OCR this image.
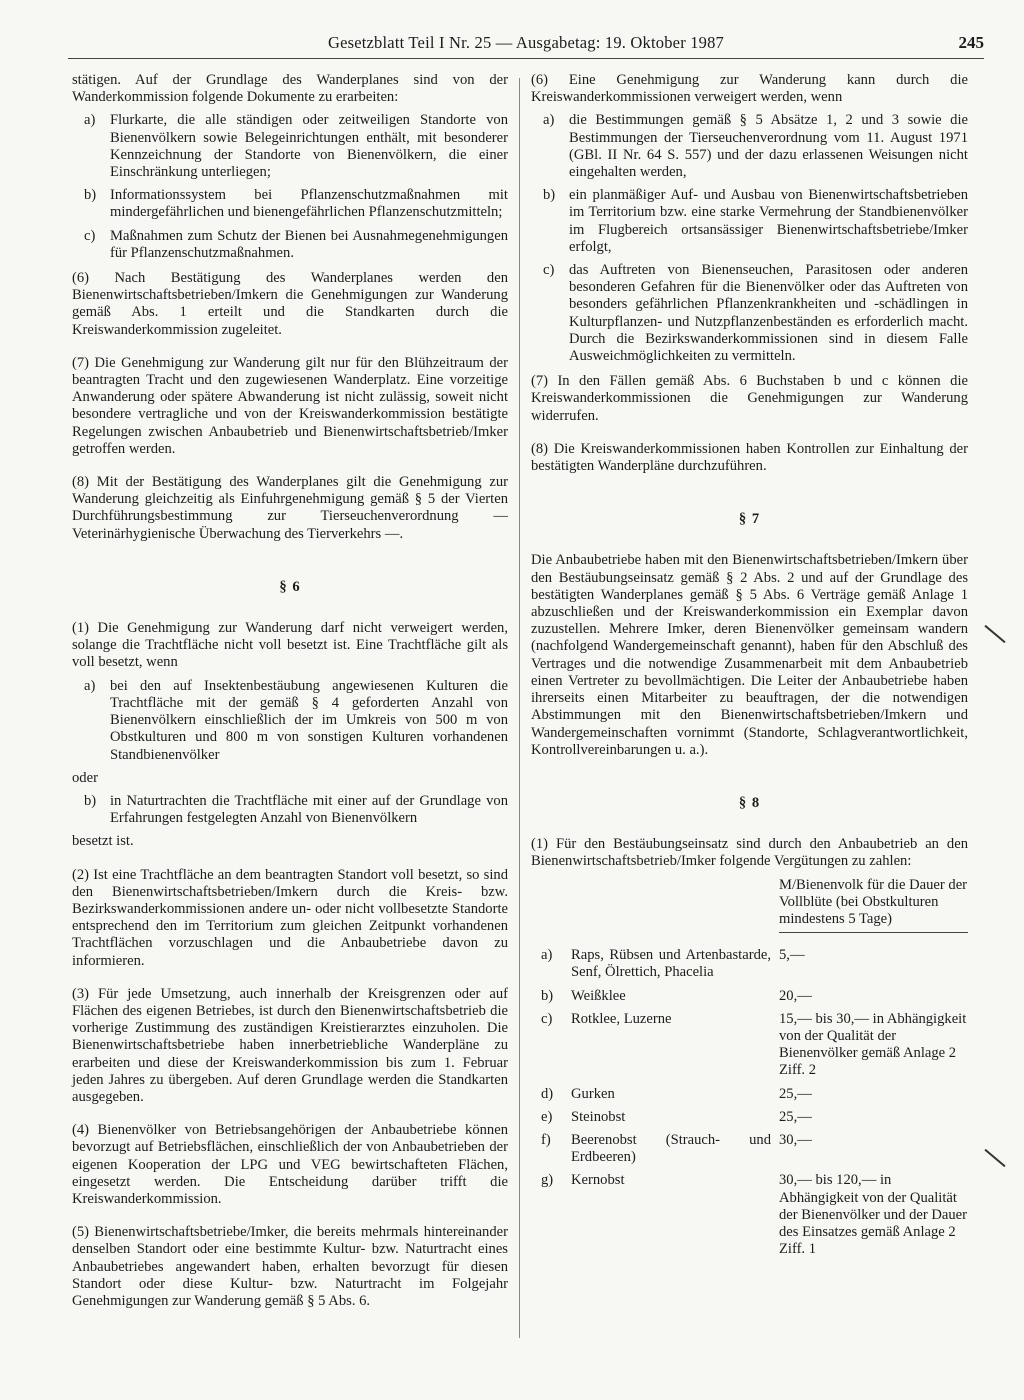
Gesetzblatt Teil I Nr. 25 — Ausgabetag: 19. Oktober 1987	245

stätigen. Auf der Grundlage des Wanderplanes sind von der Wanderkommission folgende Dokumente zu erarbeiten:

a)	Flurkarte, die alle ständigen oder zeitweiligen Standorte von Bienenvölkern sowie Belegeinrichtungen enthält, mit besonderer Kennzeichnung der Standorte von Bienenvölkern, die einer Einschränkung unterliegen;
b) Informationssystem bei Pflanzenschutzmaßnahmen mit mindergefährlichen und bienengefährlichen Pflanzenschutzmitteln;
c)	Maßnahmen zum Schutz der Bienen bei Ausnahmegenehmigungen für Pflanzenschutzmaßnahmen.

(6) Nach Bestätigung des Wanderplanes werden den Bienenwirtschaftsbetrieben/Imkern die Genehmigungen zur Wanderung gemäß Abs. 1 erteilt und die Standkarten durch die Kreiswanderkommission zugeleitet.

(7) Die Genehmigung zur Wanderung gilt nur für den Blühzeitraum der beantragten Tracht und den zugewiesenen Wanderplatz. Eine vorzeitige Anwanderung oder spätere Abwanderung ist nicht zulässig, soweit nicht besondere vertragliche und von der Kreiswanderkommission bestätigte Regelungen zwischen Anbaubetrieb und Bienenwirtschaftsbetrieb/Imker getroffen werden.

(8) Mit der Bestätigung des Wanderplanes gilt die Genehmigung zur Wanderung gleichzeitig als Einfuhrgenehmigung gemäß § 5 der Vierten Durchführungsbestimmung zur Tierseuchenverordnung — Veterinärhygienische Überwachung des Tierverkehrs —.

§ 6

(1) Die Genehmigung zur Wanderung darf nicht verweigert werden, solange die Trachtfläche nicht voll besetzt ist. Eine Trachtfläche gilt als voll besetzt, wenn

a)	bei den auf Insektenbestäubung angewiesenen Kulturen die Trachtfläche mit der gemäß § 4 geforderten Anzahl von Bienenvölkern einschließlich der im Umkreis von 500 m von Obstkulturen und 800 m von sonstigen Kulturen vorhandenen Standbienenvölker
oder
b) in Naturtrachten die Trachtfläche mit einer auf der Grundlage von Erfahrungen festgelegten Anzahl von Bienenvölkern

besetzt ist.

(2) Ist eine Trachtfläche an dem beantragten Standort voll besetzt, so sind den Bienenwirtschaftsbetrieben/Imkern durch die Kreis- bzw. Bezirkswanderkommissionen andere un- oder nicht vollbesetzte Standorte entsprechend den im Territorium zum gleichen Zeitpunkt vorhandenen Trachtflächen vorzuschlagen und die Anbaubetriebe davon zu informieren.

(3) Für jede Umsetzung, auch innerhalb der Kreisgrenzen oder auf Flächen des eigenen Betriebes, ist durch den Bienenwirtschaftsbetrieb die vorherige Zustimmung des zuständigen Kreistierarztes einzuholen. Die Bienenwirtschaftsbetriebe haben innerbetriebliche Wanderpläne zu erarbeiten und diese der Kreiswanderkommission bis zum 1. Februar jeden Jahres zu übergeben. Auf deren Grundlage werden die Standkarten ausgegeben.

(4) Bienenvölker von Betriebsangehörigen der Anbaubetriebe können bevorzugt auf Betriebsflächen, einschließlich der von Anbaubetrieben der eigenen Kooperation der LPG und VEG bewirtschafteten Flächen, eingesetzt werden. Die Entscheidung darüber trifft die Kreiswanderkommission.

(5) Bienenwirtschaftsbetriebe/Imker, die bereits mehrmals hintereinander denselben Standort oder eine bestimmte Kultur- bzw. Naturtracht eines Anbaubetriebes angewandert haben, erhalten bevorzugt für diesen Standort oder diese Kultur- bzw. Naturtracht im Folgejahr Genehmigungen zur Wanderung gemäß § 5 Abs. 6.

(6) Eine Genehmigung zur Wanderung kann durch die Kreiswanderkommissionen verweigert werden, wenn

a)	die Bestimmungen gemäß § 5 Absätze 1, 2 und 3 sowie die Bestimmungen der Tierseuchenverordnung vom 11. August 1971 (GBl. II Nr. 64 S. 557) und der dazu erlassenen Weisungen nicht eingehalten werden,
b) ein planmäßiger Auf- und Ausbau von Bienenwirtschaftsbetrieben im Territorium bzw. eine starke Vermehrung der Standbienenvölker im Flugbereich ortsansässiger Bienenwirtschaftsbetriebe/Imker erfolgt,
c)	das Auftreten von Bienenseuchen, Parasitosen oder anderen besonderen Gefahren für die Bienenvölker oder das Auftreten von besonders gefährlichen Pflanzenkrankheiten und -schädlingen in Kulturpflanzen- und Nutzpflanzenbeständen es erforderlich macht. Durch die Bezirkswanderkommissionen sind in diesem Falle Ausweichmöglichkeiten zu vermitteln.

(7) In den Fällen gemäß Abs. 6 Buchstaben b und c können die Kreiswanderkommissionen die Genehmigungen zur Wanderung widerrufen.

(8) Die Kreiswanderkommissionen haben Kontrollen zur Einhaltung der bestätigten Wanderpläne durchzuführen.

§ 7

Die Anbaubetriebe haben mit den Bienenwirtschaftsbetrieben/Imkern über den Bestäubungseinsatz gemäß § 2 Abs. 2 und auf der Grundlage des bestätigten Wanderplanes gemäß § 5 Abs. 6 Verträge gemäß Anlage 1 abzuschließen und der Kreiswanderkommission ein Exemplar davon zuzustellen. Mehrere Imker, deren Bienenvölker gemeinsam wandern (nachfolgend Wandergemeinschaft genannt), haben für den Abschluß des Vertrages und die notwendige Zusammenarbeit mit dem Anbaubetrieb einen Vertreter zu bevollmächtigen. Die Leiter der Anbaubetriebe haben ihrerseits einen Mitarbeiter zu beauftragen, der die notwendigen Abstimmungen mit den Bienenwirtschaftsbetrieben/Imkern und Wandergemeinschaften vornimmt (Standorte, Schlagverantwortlichkeit, Kontrollvereinbarungen u. a.).

§ 8

(1) Für den Bestäubungseinsatz sind durch den Anbaubetrieb an den Bienenwirtschaftsbetrieb/Imker folgende Vergütungen zu zahlen:

		M/Bienenvolk für die Dauer der Vollblüte (bei Obstkulturen mindestens 5 Tage)

a)	Raps, Rübsen und Artenbastarde, Senf, Ölrettich, Phacelia	5,—
b)	Weißklee	20,—
c)	Rotklee, Luzerne	15,— bis 30,— in Abhängigkeit von der Qualität der Bienenvölker gemäß Anlage 2 Ziff. 2
d)	Gurken	25,—
e)	Steinobst	25,—
f)	Beerenobst (Strauch- und Erdbeeren)	30,—
g)	Kernobst	30,— bis 120,— in Abhängigkeit von der Qualität der Bienenvölker und der Dauer des Einsatzes gemäß Anlage 2 Ziff. 1
